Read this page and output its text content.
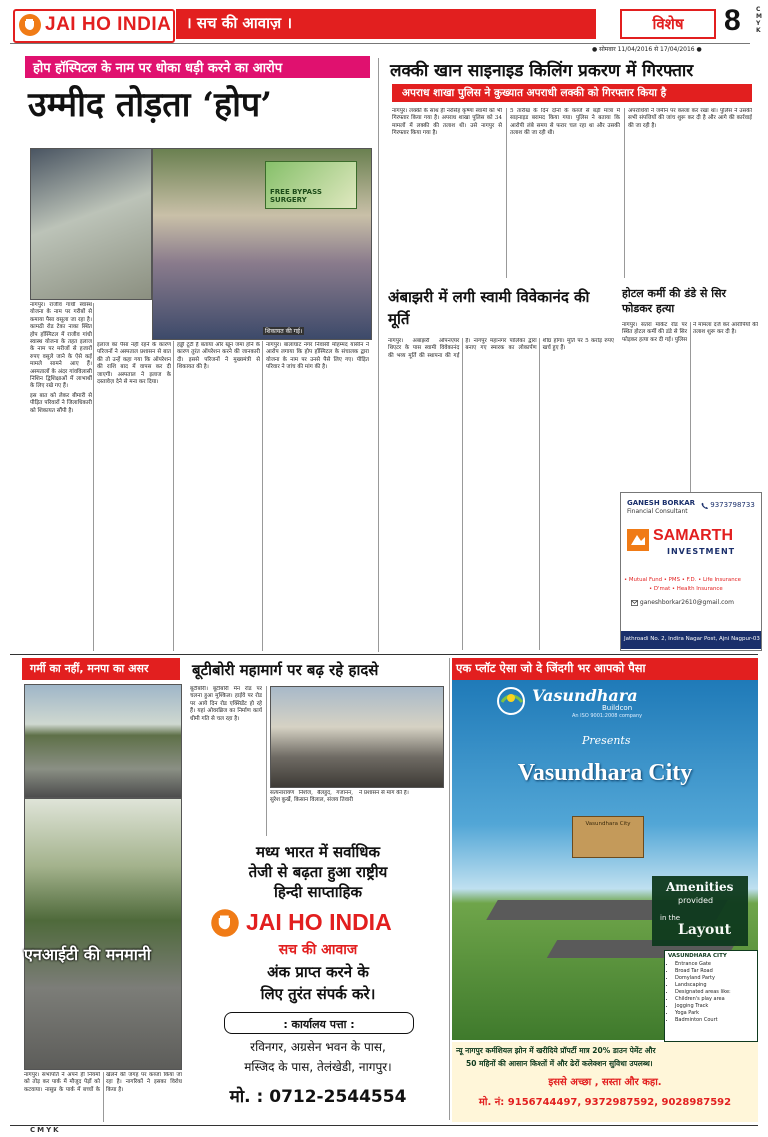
JAI HO INDIA । सच की आवाज़ ।	विशेष	8	CMYK
● सोमवार 11/04/2016 से 17/04/2016 ●
होप हॉस्पिटल के नाम पर धोका धड़ी करने का आरोप
उम्मीद तोड़ता ‘होप’
FREE BYPASS SURGERY
शिकायत की गई।

नागपुर। राजीव गांधी स्वास्थ योजना के नाम पर गरीबों से कमाया पैसा वसूला जा रहा है। कामठी रोड टेका नाका स्थित होप हॉस्पिटल में राजीव गांधी स्वास्थ योजना के तहत इलाज के नाम पर मरीजों से हजारों रुपए वसूले जाने के ऐसे कई मामले सामने आए हैं। अस्पतालों के अंदर गांवविलासी निशिन द्विशिक्षाओं में लाभार्थी के लिए रखे गए हैं।

इस बात को लेकर बीमारी से पीड़ित परिवारों ने जिलाधिकारी को शिकायत सौंपी है।

इलाज का पैसा नहीं रहने के कारण परिजनों ने अस्पताल प्रशासन से बात की तो उन्हें कहा गया कि ऑपरेशन की राशि बाद में वापस कर दी जाएगी। अस्पताल ने इलाज के दस्तावेज़ देने से मना कर दिया।

हड्डी टूटी है बताया और खून जमा होने के कारण तुरंत ऑपरेशन करने की जानकारी दी। इससे परिजनों ने मुख्यमंत्री से शिकायत की है।

नागपुर। बालाघाट नगर निवासी मोहम्मद यासीन ने आरोप लगाया कि होप हॉस्पिटल के संचालक द्वारा योजना के नाम पर उनसे पैसे लिए गए। पीड़ित परिवार ने जांच की मांग की है।

लक्की खान साइनाइड किलिंग प्रकरण में गिरफ्तार
अपराध शाखा पुलिस ने कुख्यात अपराधी लक्की को गिरफ्तार किया है

नागपुर। लक्की के साथ ही नरसिंह कृष्णा स्वामी को भी गिरफ्तार किया गया है। अपराध शाखा पुलिस को 34 मामलों में लक्की की तलाश थी। उसे नागपुर से गिरफ्तार किया गया है।

5 तारीख के दिन दोनों के कब्जे से बड़ी मात्रा में साइनाइड बरामद किया गया। पुलिस ने बताया कि आरोपी लंबे समय से फरार चल रहा था और उसकी तलाश की जा रही थी।

अपराधियों ने जमीन पर कब्जा कर रखा था। पुलिस ने उसकी सभी संपत्तियों की जांच शुरू कर दी है और आगे की कार्रवाई की जा रही है।

अंबाझरी में लगी स्वामी विवेकानंद की मूर्ति

नागपुर। अंबाझरी ओपनएयर थिएटर के पास स्वामी विवेकानंद की भव्य मूर्ति की स्थापना की गई है। नागपुर महानगर पालिका द्वारा बनाए गए स्मारक का लोकार्पण शीघ्र होगा। मूर्ति पर 5 करोड़ रुपए खर्च हुए हैं।

होटल कर्मी की डंडे से सिर फोडकर हत्या

नागपुर। संतरा मार्केट रोड पर स्थित होटल कर्मी की डंडे से सिर फोड़कर हत्या कर दी गई। पुलिस ने मामला दर्ज कर आरोपियों की तलाश शुरू कर दी है।

GANESH BORKAR
Financial Consultant
9373798733
SAMARTH
INVESTMENT
• Mutual Fund • PMS • F.D. • Life Insurance
• D'mat • Health Insurance
ganeshborkar2610@gmail.com
Jathroadi No. 2, Indira Nagar Post, Ajni Nagpur-03
गर्मी का नहीं, मनपा का असर
एनआईटी की मनमानी

नागपुर। सभापति ने अपने ही नियमों को तोड़ कर पार्क में मौजूद पेड़ों को कटवाया। नासुप्र के पार्क में बच्चों के खेलने की जगह पर कब्जा किया जा रहा है। नागरिकों ने इसका विरोध किया है।

बूटीबोरी महामार्ग पर बढ़ रहे हादसे

बूटीबोरी। बूटीबोरी मेन रोड पर चलना हुआ मुश्किल। हाईवे पर रोड पर आये दिन रोड एक्सिडेंट हो रहे हैं। यहां ओवरब्रिज का निर्माण कार्य धीमी गति से चल रहा है।

सत्यनारायण निशेज, बैलहुद, गजानन, सुरेश कुर्खे, किसान विलाल, संजय तिवारी ने प्रशासन से मांग की है।

मध्य भारत में सर्वाधिक
तेजी से बढ़ता हुआ राष्ट्रीय
हिन्दी साप्ताहिक
JAI HO INDIA
सच की आवाज
अंक प्राप्त करने के
लिए तुरंत संपर्क करे।
: कार्यालय पत्ता :
रविनगर, अग्रसेन भवन के पास,
मस्जिद के पास, तेलंखेडी, नागपुर।
मो. : 0712-2544554
एक प्लॉट ऐसा जो दे जिंदगी भर आपको पैसा
Vasundhara
Buildcon
An ISO 9001:2008 company
Presents
Vasundhara City
Vasundhara City
Amenities
provided
in the
Layout
VASUNDHARA CITY
• Entrance Gate
• Broad Tar Road
• Domyland Party
• Landscaping
• Designated areas like:
• Children's play area
• Jogging Track
• Yoga Park
• Badminton Court
न्यू नागपुर कर्मशियल झोन में खरीदिये प्रॉपर्टी मात्र 20% डाउन पेमेंट और
50 महिनों की आसान किश्तों में और ढेरों कलेक्शन सुविधा उपलब्ध।
इससे अच्छा , सस्ता और कहा.
मो. नं: 9156744497, 9372987592, 9028987592
CMYK
